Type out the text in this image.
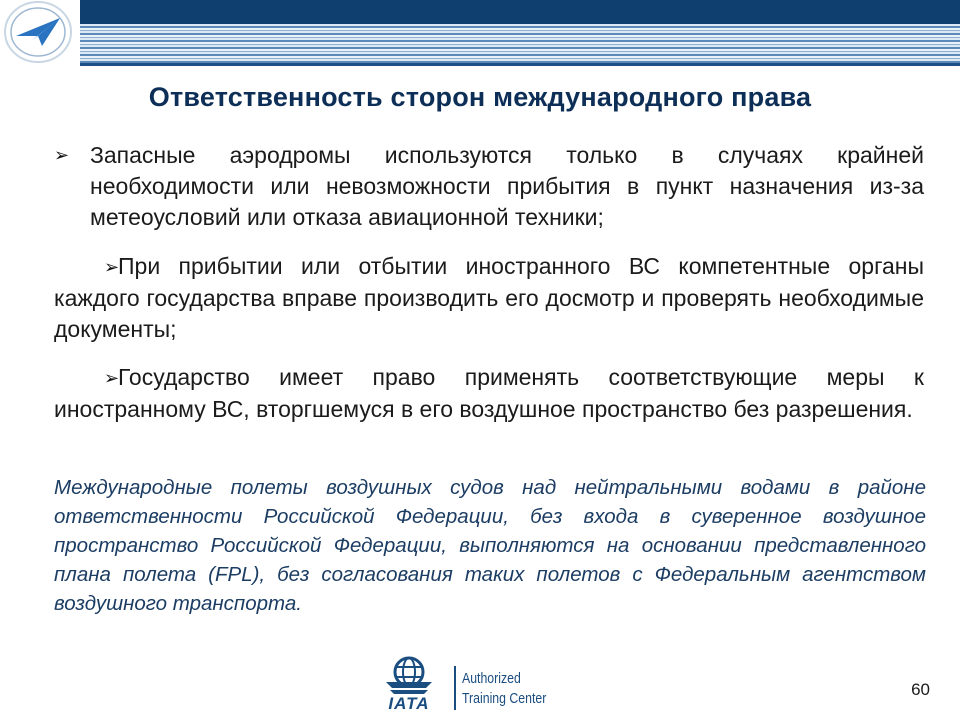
Ответственность сторон международного права
➢ Запасные аэродромы используются только в случаях крайней необходимости или невозможности прибытия в пункт назначения из-за метеоусловий или отказа авиационной техники;
➢При прибытии или отбытии иностранного ВС компетентные органы каждого государства вправе производить его досмотр и проверять необходимые документы;
➢Государство имеет право применять соответствующие меры к иностранному ВС, вторгшемуся в его воздушное пространство без разрешения.
Международные полеты воздушных судов над нейтральными водами в районе ответственности Российской Федерации, без входа в суверенное воздушное пространство Российской Федерации, выполняются на основании представленного плана полета (FPL), без согласования таких полетов с Федеральным агентством воздушного транспорта.
IATA
Authorized
Training Center	60
